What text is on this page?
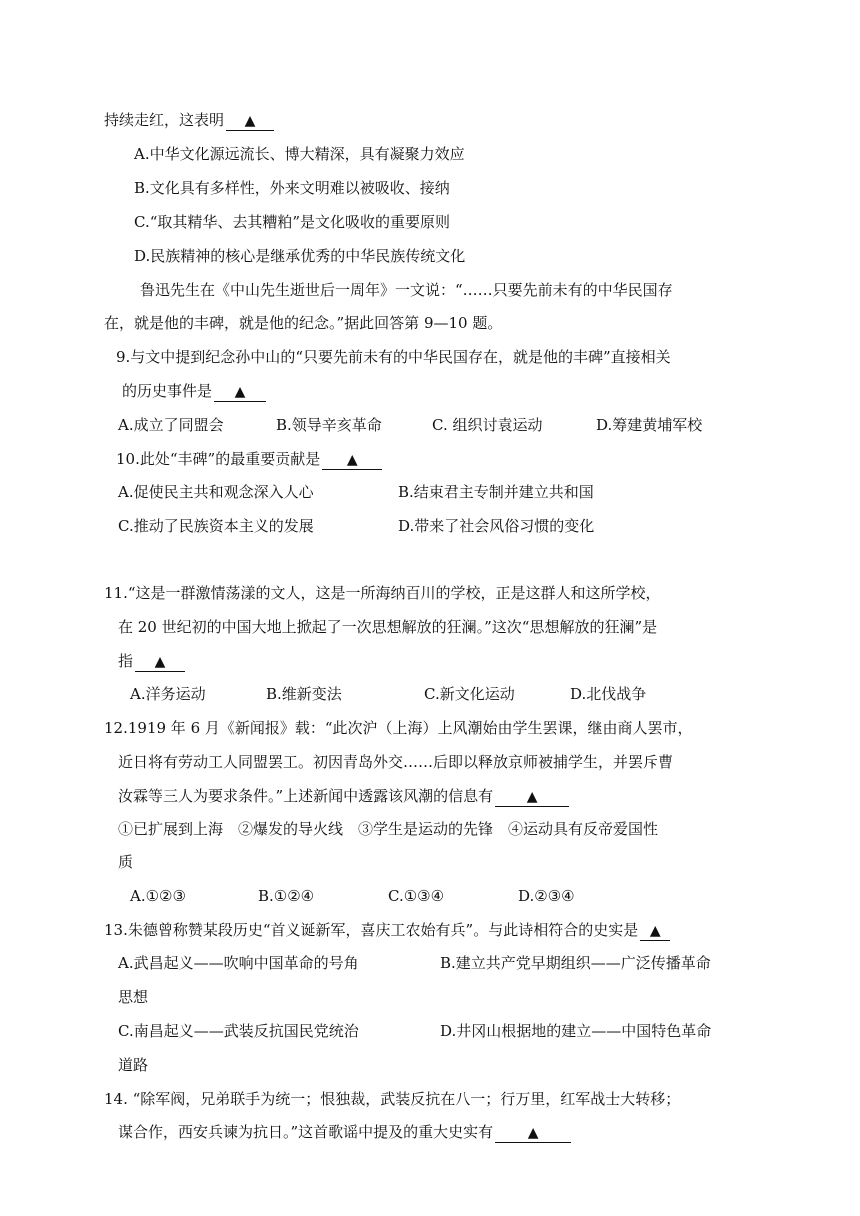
持续走红，这表明 ▲
A.中华文化源远流长、博大精深，具有凝聚力效应
B.文化具有多样性，外来文明难以被吸收、接纳
C.“取其精华、去其糟粕”是文化吸收的重要原则
D.民族精神的核心是继承优秀的中华民族传统文化
鲁迅先生在《中山先生逝世后一周年》一文说：“……只要先前未有的中华民国存
在，就是他的丰碑，就是他的纪念。”据此回答第 9—10 题。
9.与文中提到纪念孙中山的“只要先前未有的中华民国存在，就是他的丰碑”直接相关
的历史事件是 ▲
A.成立了同盟会	B.领导辛亥革命	C. 组织讨袁运动	D.筹建黄埔军校
10.此处“丰碑”的最重要贡献是 ▲
A.促使民主共和观念深入人心	B.结束君主专制并建立共和国
C.推动了民族资本主义的发展	D.带来了社会风俗习惯的变化
11.“这是一群激情荡漾的文人，这是一所海纳百川的学校，正是这群人和这所学校，
在 20 世纪初的中国大地上掀起了一次思想解放的狂澜。”这次“思想解放的狂澜”是
指 ▲
A.洋务运动	B.维新变法	C.新文化运动	D.北伐战争
12.1919 年 6 月《新闻报》载：“此次沪（上海）上风潮始由学生罢课，继由商人罢市，
近日将有劳动工人同盟罢工。初因青岛外交……后即以释放京师被捕学生，并罢斥曹
汝霖等三人为要求条件。”上述新闻中透露该风潮的信息有 ▲
①已扩展到上海　②爆发的导火线　③学生是运动的先锋　④运动具有反帝爱国性
质
A.①②③	B.①②④	C.①③④	D.②③④
13.朱德曾称赞某段历史“首义诞新军，喜庆工农始有兵”。与此诗相符合的史实是 ▲
A.武昌起义——吹响中国革命的号角	B.建立共产党早期组织——广泛传播革命
思想
C.南昌起义——武装反抗国民党统治	D.井冈山根据地的建立——中国特色革命
道路
14. “除军阀，兄弟联手为统一；恨独裁，武装反抗在八一；行万里，红军战士大转移；
谋合作，西安兵谏为抗日。”这首歌谣中提及的重大史实有 ▲
